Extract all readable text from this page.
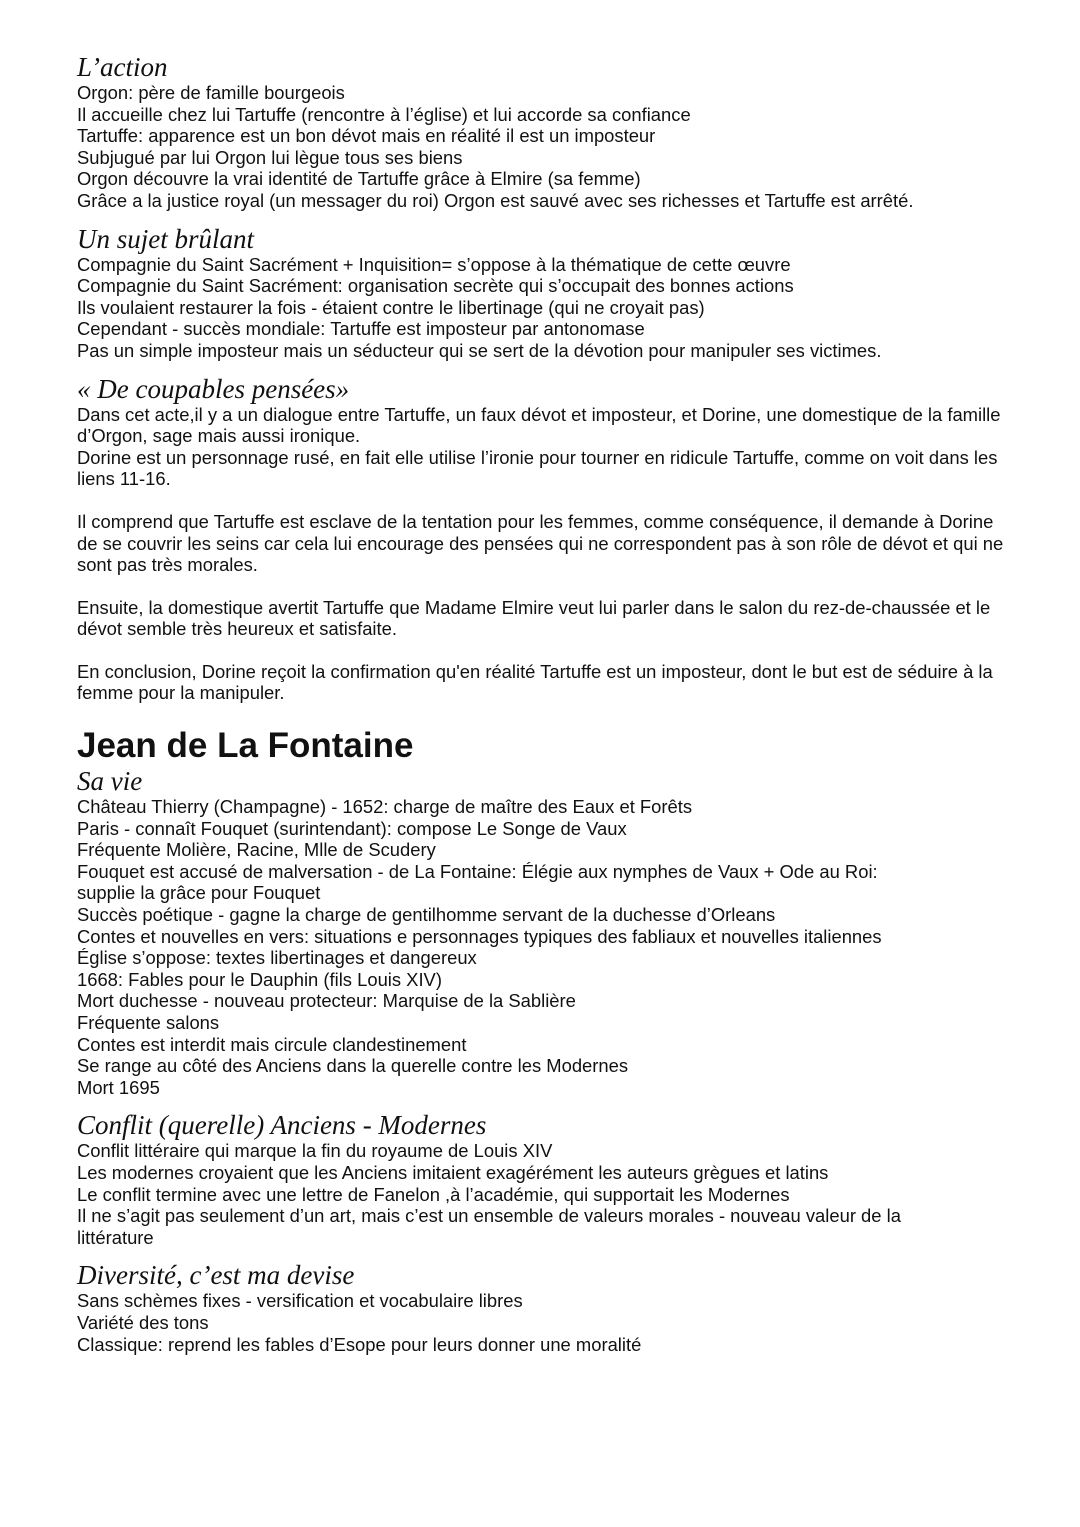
L’action

Orgon: père de famille bourgeois

Il accueille chez lui Tartuffe (rencontre à l’église) et lui accorde sa confiance

Tartuffe: apparence est un bon dévot mais en réalité il est un imposteur

Subjugué par lui Orgon lui lègue tous ses biens

Orgon découvre la vrai identité de Tartuffe grâce à Elmire (sa femme)

Grâce a la justice royal (un messager du roi) Orgon est sauvé avec ses richesses et Tartuffe est arrêté.

Un sujet brûlant

Compagnie du Saint Sacrément + Inquisition= s’oppose à la thématique de cette œuvre

Compagnie du Saint Sacrément: organisation secrète qui s’occupait des bonnes actions

Ils voulaient restaurer la fois - étaient contre le libertinage (qui ne croyait pas)

Cependant - succès mondiale: Tartuffe est imposteur par antonomase

Pas un simple imposteur mais un séducteur qui se sert de la dévotion pour manipuler ses victimes.

« De coupables pensées»

Dans cet acte,il y a un dialogue entre Tartuffe, un faux dévot et imposteur, et Dorine, une domestique de la famille d’Orgon, sage mais aussi ironique.

Dorine est un personnage rusé, en fait elle utilise l’ironie pour tourner en ridicule Tartuffe, comme on voit dans les liens 11-16.

Il comprend que Tartuffe est esclave de la tentation pour les femmes, comme conséquence, il demande à Dorine de se couvrir les seins car cela lui encourage des pensées qui ne correspondent pas à son rôle de dévot et qui ne sont pas très morales.

Ensuite, la domestique avertit Tartuffe que Madame Elmire veut lui parler dans le salon du rez-de-chaussée et le dévot semble très heureux et satisfaite.

En conclusion, Dorine reçoit la confirmation qu'en réalité Tartuffe est un imposteur, dont le but est de séduire à la femme pour la manipuler.

Jean de La Fontaine
Sa vie

Château Thierry (Champagne) - 1652: charge de maître des Eaux et Forêts

Paris - connaît Fouquet (surintendant): compose Le Songe de Vaux

Fréquente Molière, Racine, Mlle de Scudery

Fouquet est accusé de malversation - de La Fontaine: Élégie aux nymphes de Vaux + Ode au Roi:

supplie la grâce pour Fouquet

Succès poétique - gagne la charge de gentilhomme servant de la duchesse d’Orleans

Contes et nouvelles en vers: situations e personnages typiques des fabliaux et nouvelles italiennes

Église s’oppose: textes libertinages et dangereux

1668: Fables pour le Dauphin (fils Louis XIV)

Mort duchesse - nouveau protecteur: Marquise de la Sablière

Fréquente salons

Contes est interdit mais circule clandestinement

Se range au côté des Anciens dans la querelle contre les Modernes

Mort 1695

Conflit (querelle) Anciens - Modernes

Conflit littéraire qui marque la fin du royaume de Louis XIV

Les modernes croyaient que les Anciens imitaient exagérément les auteurs grègues et latins

Le conflit termine avec une lettre de Fanelon ,à l’académie, qui supportait les Modernes

Il ne s’agit pas seulement d’un art, mais c’est un ensemble de valeurs morales - nouveau valeur de la

littérature

Diversité, c’est ma devise

Sans schèmes fixes - versification et vocabulaire libres

Variété des tons

Classique: reprend les fables d’Esope pour leurs donner une moralité
